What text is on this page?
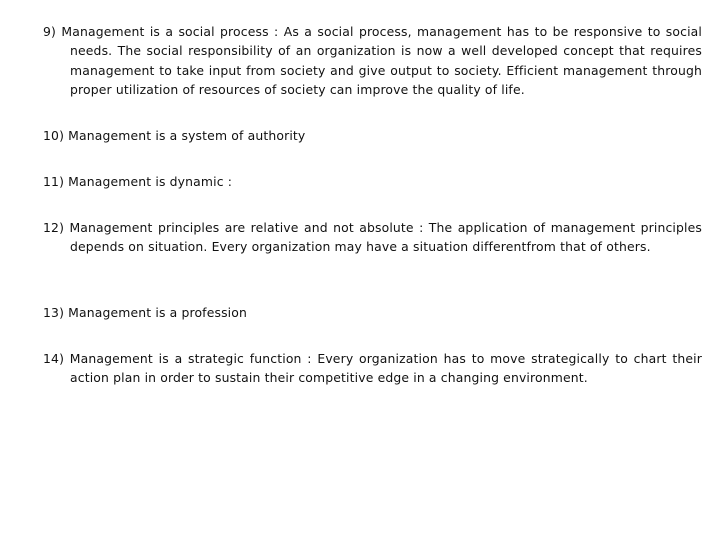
9) Management is a social process : As a social process, management has to be responsive to social needs. The social responsibility of an organization is now a well developed concept that requires management to take input from society and give output to society. Efficient management through proper utilization of resources of society can improve the quality of life.

10) Management is a system of authority

11) Management is dynamic :

12) Management principles are relative and not absolute : The application of management principles depends on situation. Every organization may have a situation differentfrom that of others.

13) Management is a profession

14) Management is a strategic function : Every organization has to move strategically to chart their action plan in order to sustain their competitive edge in a changing environment.
